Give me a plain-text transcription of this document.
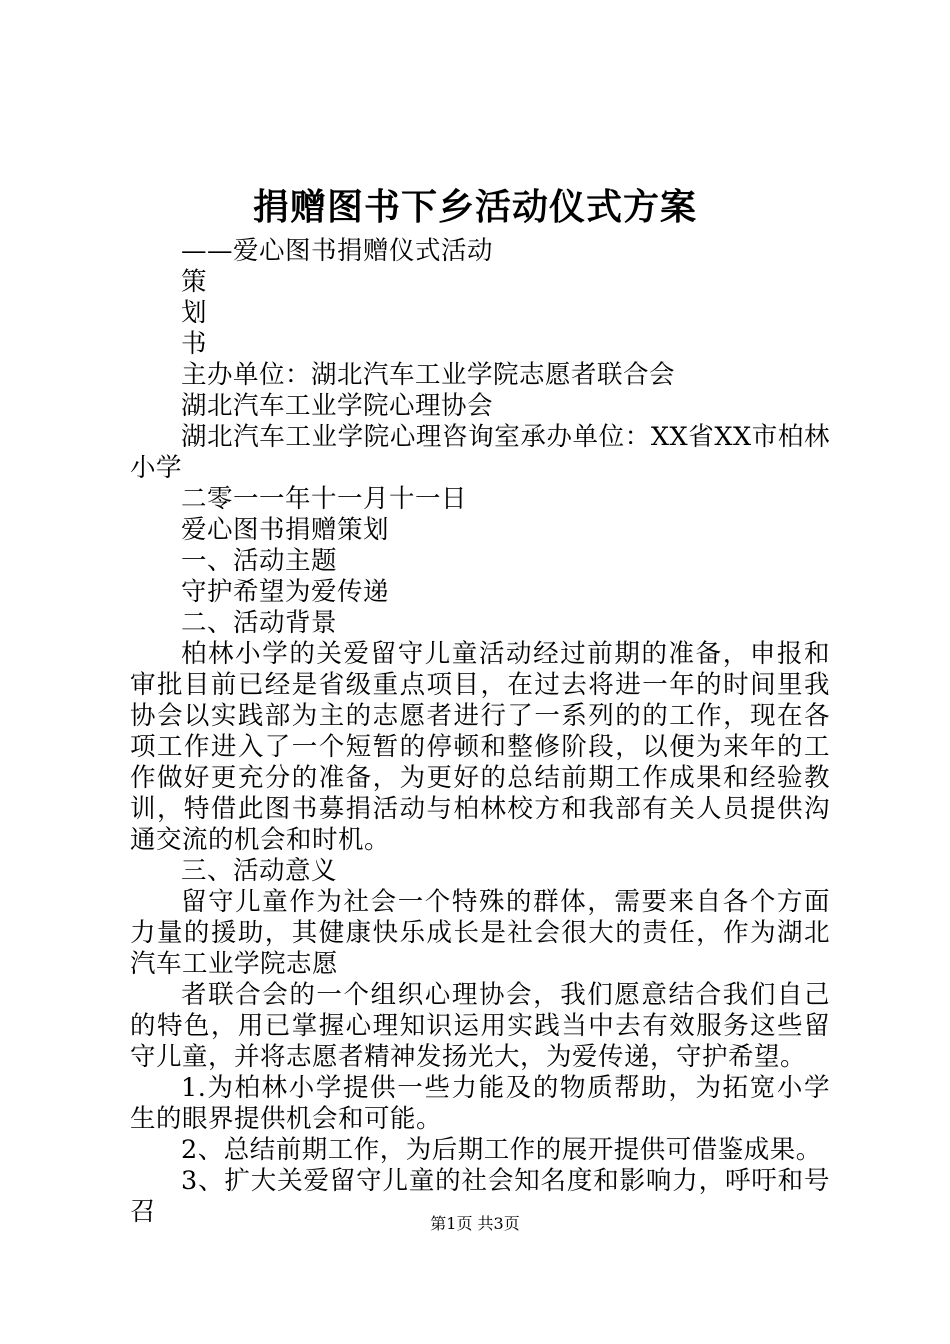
捐赠图书下乡活动仪式方案

——爱心图书捐赠仪式活动

策

划

书

主办单位：湖北汽车工业学院志愿者联合会

湖北汽车工业学院心理协会

湖北汽车工业学院心理咨询室承办单位：XX省XX市柏林小学

二零一一年十一月十一日

爱心图书捐赠策划

一、活动主题

守护希望为爱传递

二、活动背景

柏林小学的关爱留守儿童活动经过前期的准备，申报和审批目前已经是省级重点项目，在过去将进一年的时间里我协会以实践部为主的志愿者进行了一系列的的工作，现在各项工作进入了一个短暂的停顿和整修阶段，以便为来年的工作做好更充分的准备，为更好的总结前期工作成果和经验教训，特借此图书募捐活动与柏林校方和我部有关人员提供沟通交流的机会和时机。

三、活动意义

留守儿童作为社会一个特殊的群体，需要来自各个方面力量的援助，其健康快乐成长是社会很大的责任，作为湖北汽车工业学院志愿

者联合会的一个组织心理协会，我们愿意结合我们自己的特色，用已掌握心理知识运用实践当中去有效服务这些留守儿童，并将志愿者精神发扬光大，为爱传递，守护希望。

1.为柏林小学提供一些力能及的物质帮助，为拓宽小学生的眼界提供机会和可能。

2、总结前期工作，为后期工作的展开提供可借鉴成果。

3、扩大关爱留守儿童的社会知名度和影响力，呼吁和号召	第1页 共3页
